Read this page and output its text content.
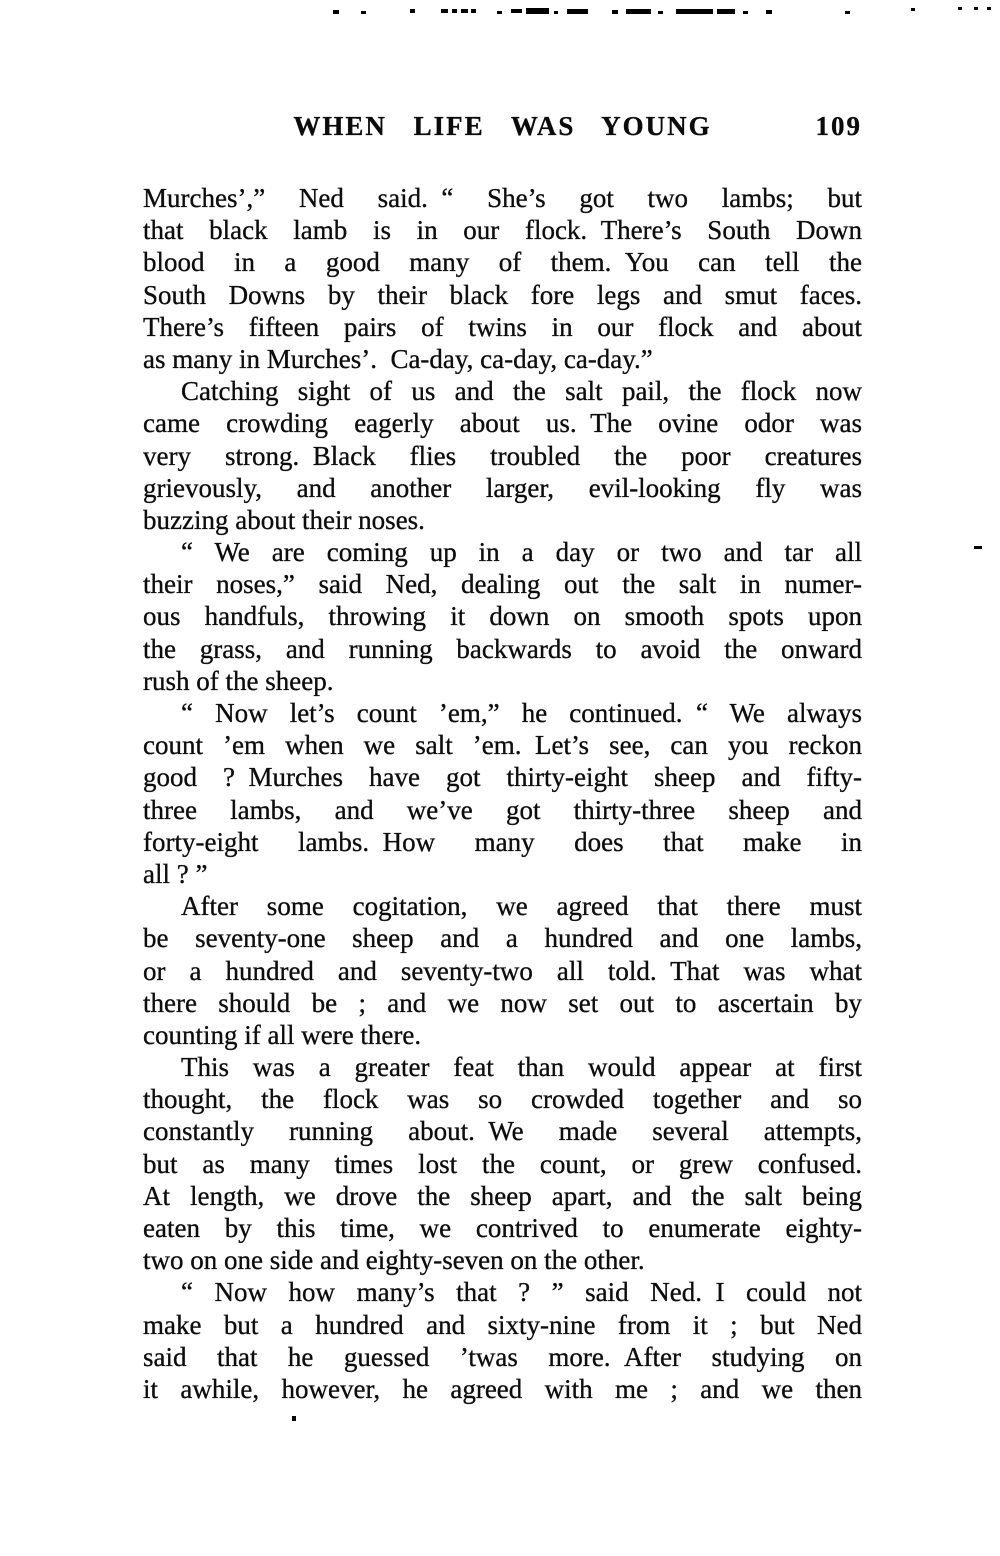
WHEN LIFE WAS YOUNG	109
Murches’,” Ned said. “ She’s got two lambs; but
that black lamb is in our flock. There’s South Down
blood in a good many of them. You can tell the
South Downs by their black fore legs and smut faces.
There’s fifteen pairs of twins in our flock and about
as many in Murches’. Ca-day, ca-day, ca-day.”
Catching sight of us and the salt pail, the flock now
came crowding eagerly about us. The ovine odor was
very strong. Black flies troubled the poor creatures
grievously, and another larger, evil-looking fly was
buzzing about their noses.
“ We are coming up in a day or two and tar all
their noses,” said Ned, dealing out the salt in numer-
ous handfuls, throwing it down on smooth spots upon
the grass, and running backwards to avoid the onward
rush of the sheep.
“ Now let’s count ’em,” he continued. “ We always
count ’em when we salt ’em. Let’s see, can you reckon
good ? Murches have got thirty-eight sheep and fifty-
three lambs, and we’ve got thirty-three sheep and
forty-eight lambs. How many does that make in
all ? ”
After some cogitation, we agreed that there must
be seventy-one sheep and a hundred and one lambs,
or a hundred and seventy-two all told. That was what
there should be ; and we now set out to ascertain by
counting if all were there.
This was a greater feat than would appear at first
thought, the flock was so crowded together and so
constantly running about. We made several attempts,
but as many times lost the count, or grew confused.
At length, we drove the sheep apart, and the salt being
eaten by this time, we contrived to enumerate eighty-
two on one side and eighty-seven on the other.
“ Now how many’s that ? ” said Ned. I could not
make but a hundred and sixty-nine from it ; but Ned
said that he guessed ’twas more. After studying on
it awhile, however, he agreed with me ; and we then
